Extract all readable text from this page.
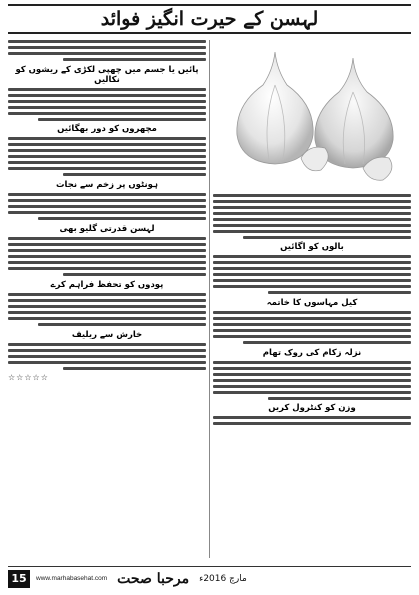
لہسن کے حیرت انگیز فوائد
پائیں یا جسم میں چھپی لکڑی کے ریشوں کو نکالیں
مچھروں کو دور بھگائیں
ہونٹوں پر زخم سے نجات
لہسن قدرتی گلیو بھی
پودوں کو تحفظ فراہم کرے
خارش سے ریلیف
☆☆☆☆☆
بالوں کو اگائیں
کیل مہاسوں کا خاتمہ
نزلہ زکام کی روک تھام
وزن کو کنٹرول کریں
15	www.marhabasehat.com مرحبا صحت مارچ 2016ء
